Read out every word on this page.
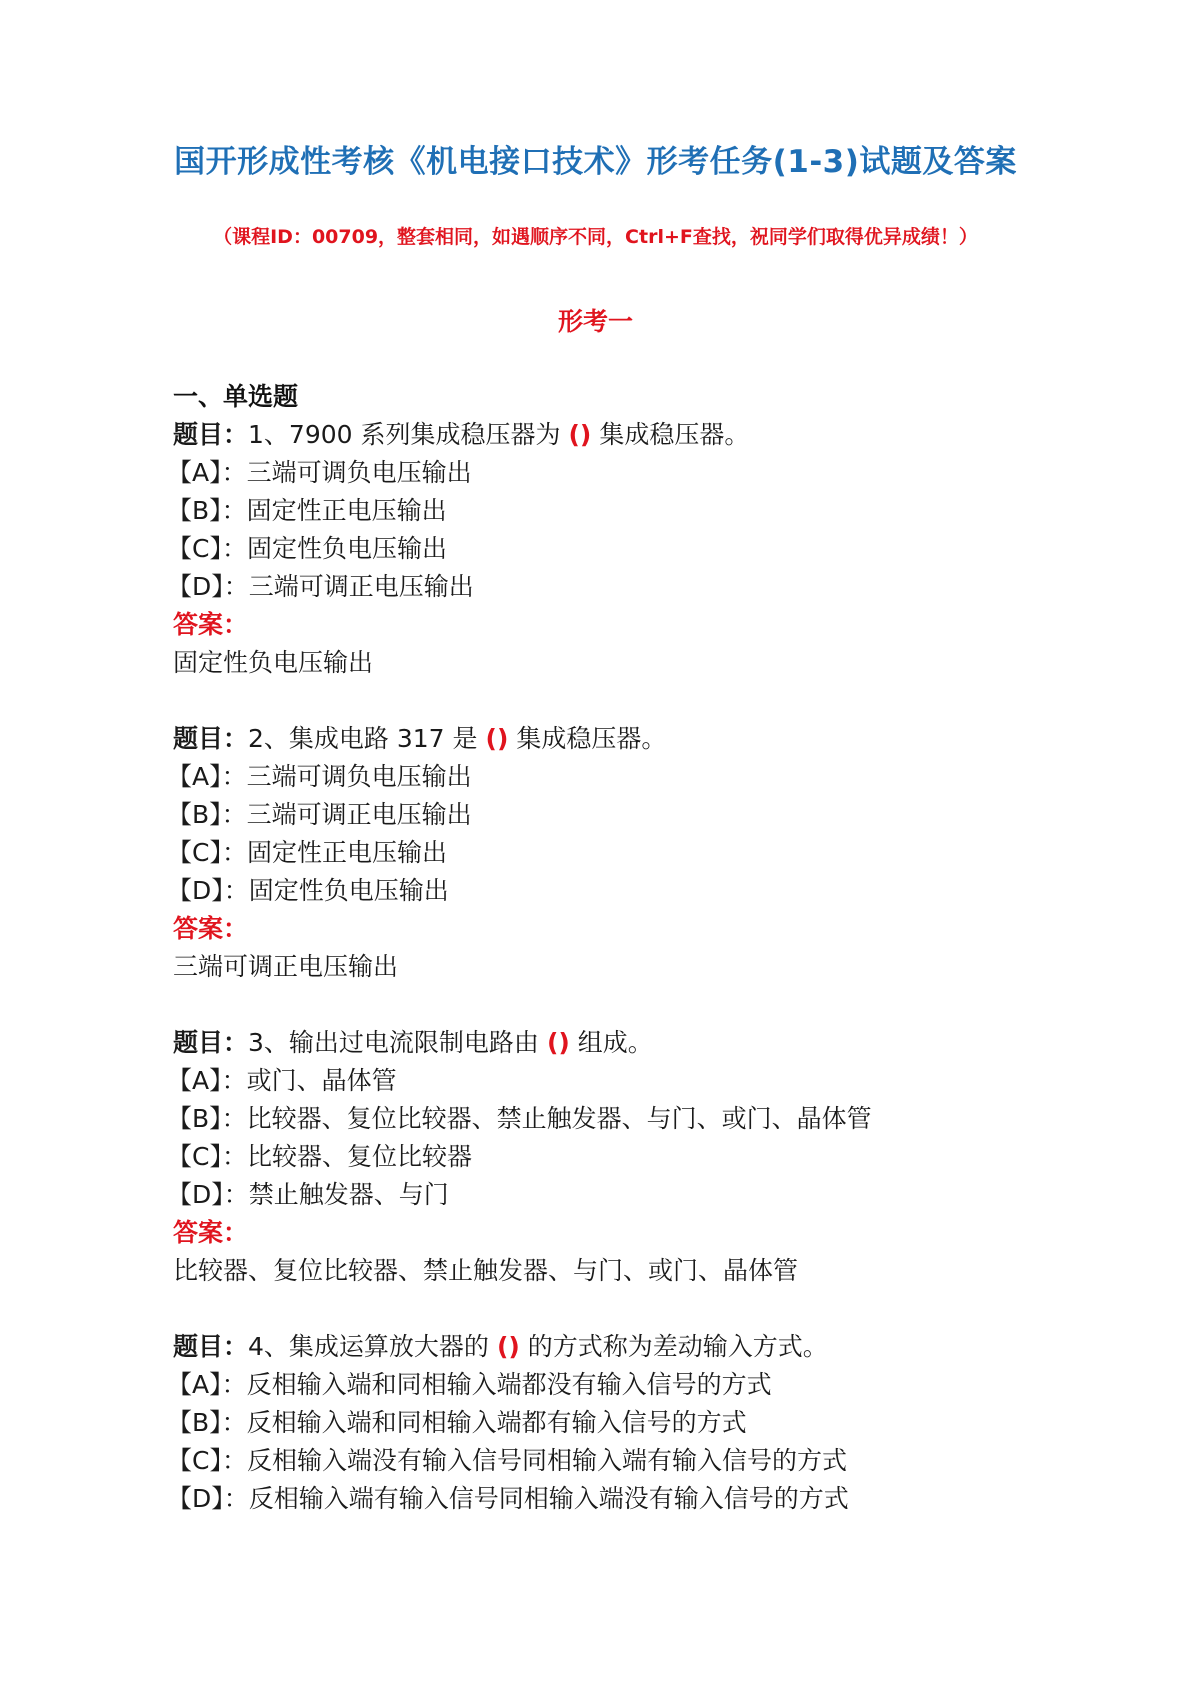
国开形成性考核《机电接口技术》形考任务(1-3)试题及答案
（课程ID：00709，整套相同，如遇顺序不同，Ctrl+F查找，祝同学们取得优异成绩！）
形考一
一、单选题
题目：1、7900 系列集成稳压器为 () 集成稳压器。
【A】：三端可调负电压输出
【B】：固定性正电压输出
【C】：固定性负电压输出
【D】：三端可调正电压输出
答案：
固定性负电压输出
题目：2、集成电路 317 是 () 集成稳压器。
【A】：三端可调负电压输出
【B】：三端可调正电压输出
【C】：固定性正电压输出
【D】：固定性负电压输出
答案：
三端可调正电压输出
题目：3、输出过电流限制电路由 () 组成。
【A】：或门、晶体管
【B】：比较器、复位比较器、禁止触发器、与门、或门、晶体管
【C】：比较器、复位比较器
【D】：禁止触发器、与门
答案：
比较器、复位比较器、禁止触发器、与门、或门、晶体管
题目：4、集成运算放大器的 () 的方式称为差动输入方式。
【A】：反相输入端和同相输入端都没有输入信号的方式
【B】：反相输入端和同相输入端都有输入信号的方式
【C】：反相输入端没有输入信号同相输入端有输入信号的方式
【D】：反相输入端有输入信号同相输入端没有输入信号的方式
